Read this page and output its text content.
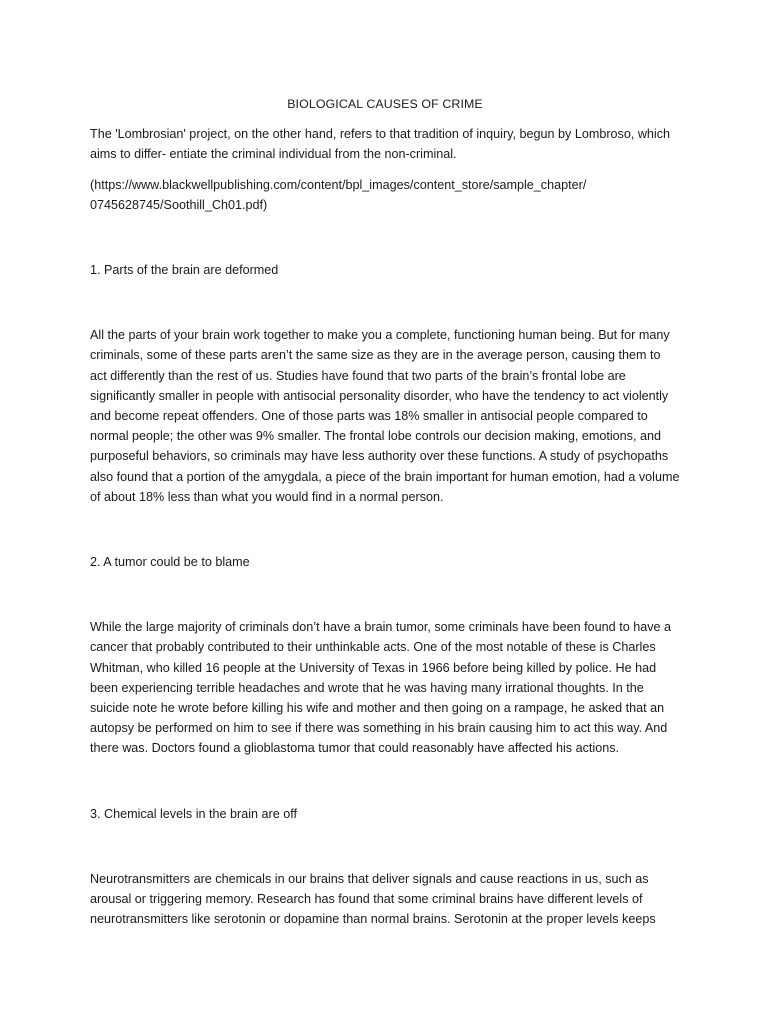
BIOLOGICAL CAUSES OF CRIME

The 'Lombrosian' project, on the other hand, refers to that tradition of inquiry, begun by Lombroso, which aims to differ- entiate the criminal individual from the non-criminal.

(https://www.blackwellpublishing.com/content/bpl_images/content_store/sample_chapter/
0745628745/Soothill_Ch01.pdf)

1. Parts of the brain are deformed

All the parts of your brain work together to make you a complete, functioning human being. But for many criminals, some of these parts aren’t the same size as they are in the average person, causing them to act differently than the rest of us. Studies have found that two parts of the brain’s frontal lobe are significantly smaller in people with antisocial personality disorder, who have the tendency to act violently and become repeat offenders. One of those parts was 18% smaller in antisocial people compared to normal people; the other was 9% smaller. The frontal lobe controls our decision making, emotions, and purposeful behaviors, so criminals may have less authority over these functions. A study of psychopaths also found that a portion of the amygdala, a piece of the brain important for human emotion, had a volume of about 18% less than what you would find in a normal person.

2. A tumor could be to blame

While the large majority of criminals don’t have a brain tumor, some criminals have been found to have a cancer that probably contributed to their unthinkable acts. One of the most notable of these is Charles Whitman, who killed 16 people at the University of Texas in 1966 before being killed by police. He had been experiencing terrible headaches and wrote that he was having many irrational thoughts. In the suicide note he wrote before killing his wife and mother and then going on a rampage, he asked that an autopsy be performed on him to see if there was something in his brain causing him to act this way. And there was. Doctors found a glioblastoma tumor that could reasonably have affected his actions.

3. Chemical levels in the brain are off

Neurotransmitters are chemicals in our brains that deliver signals and cause reactions in us, such as arousal or triggering memory. Research has found that some criminal brains have different levels of neurotransmitters like serotonin or dopamine than normal brains. Serotonin at the proper levels keeps
